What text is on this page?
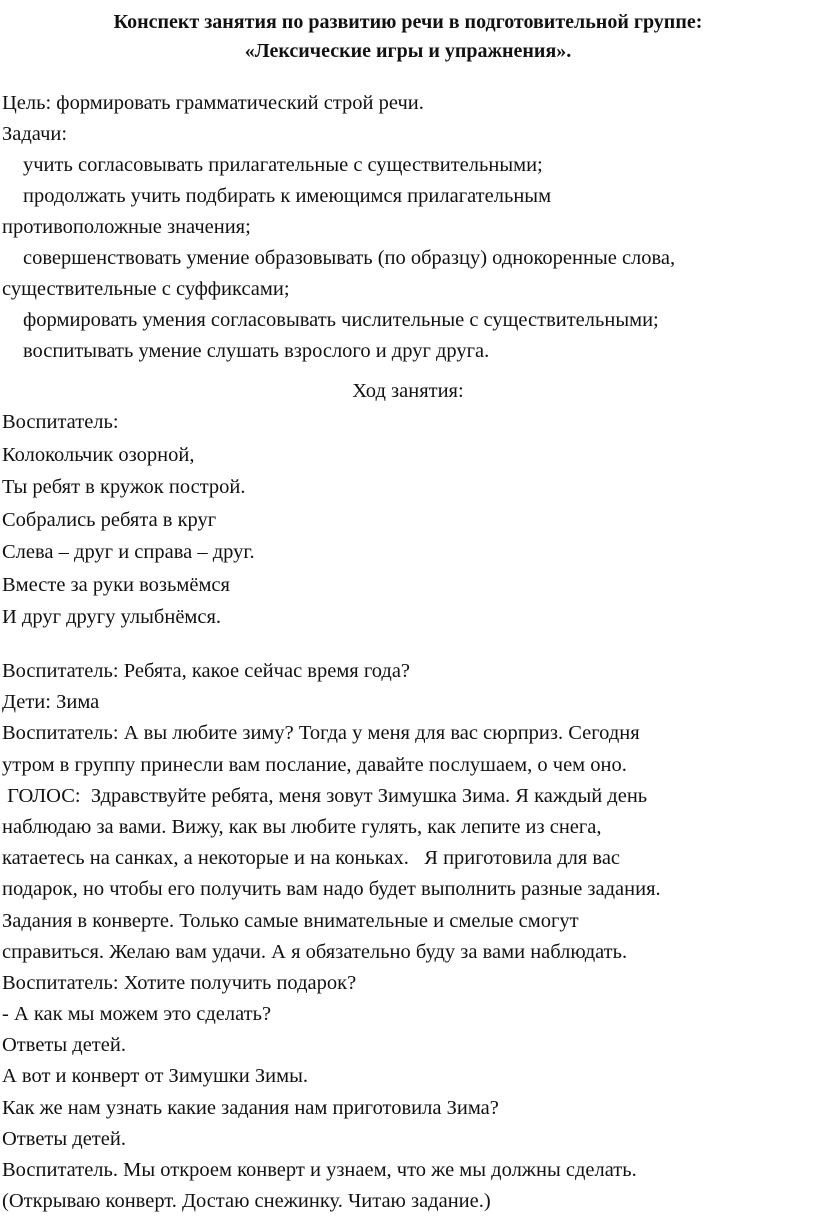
Конспект занятия по развитию речи в подготовительной группе:
«Лексические игры и упражнения».
Цель: формировать грамматический строй речи.
Задачи:
учить согласовывать прилагательные с существительными;
продолжать учить подбирать к имеющимся прилагательным
противоположные значения;
совершенствовать умение образовывать (по образцу) однокоренные слова,
существительные с суффиксами;
формировать умения согласовывать числительные с существительными;
воспитывать умение слушать взрослого и друг друга.
Ход занятия:
Воспитатель:
Колокольчик озорной,
Ты ребят в кружок построй.
Собрались ребята в круг
Слева – друг и справа – друг.
Вместе за руки возьмёмся
И друг другу улыбнёмся.
Воспитатель: Ребята, какое сейчас время года?
Дети: Зима
Воспитатель: А вы любите зиму? Тогда у меня для вас сюрприз. Сегодня
утром в группу принесли вам послание, давайте послушаем, о чем оно.
ГОЛОС:  Здравствуйте ребята, меня зовут Зимушка Зима. Я каждый день
наблюдаю за вами. Вижу, как вы любите гулять, как лепите из снега,
катаетесь на санках, а некоторые и на коньках.   Я приготовила для вас
подарок, но чтобы его получить вам надо будет выполнить разные задания.
Задания в конверте. Только самые внимательные и смелые смогут
справиться. Желаю вам удачи. А я обязательно буду за вами наблюдать.
Воспитатель: Хотите получить подарок?
- А как мы можем это сделать?
Ответы детей.
А вот и конверт от Зимушки Зимы.
Как же нам узнать какие задания нам приготовила Зима?
Ответы детей.
Воспитатель. Мы откроем конверт и узнаем, что же мы должны сделать.
(Открываю конверт. Достаю снежинку. Читаю задание.)
